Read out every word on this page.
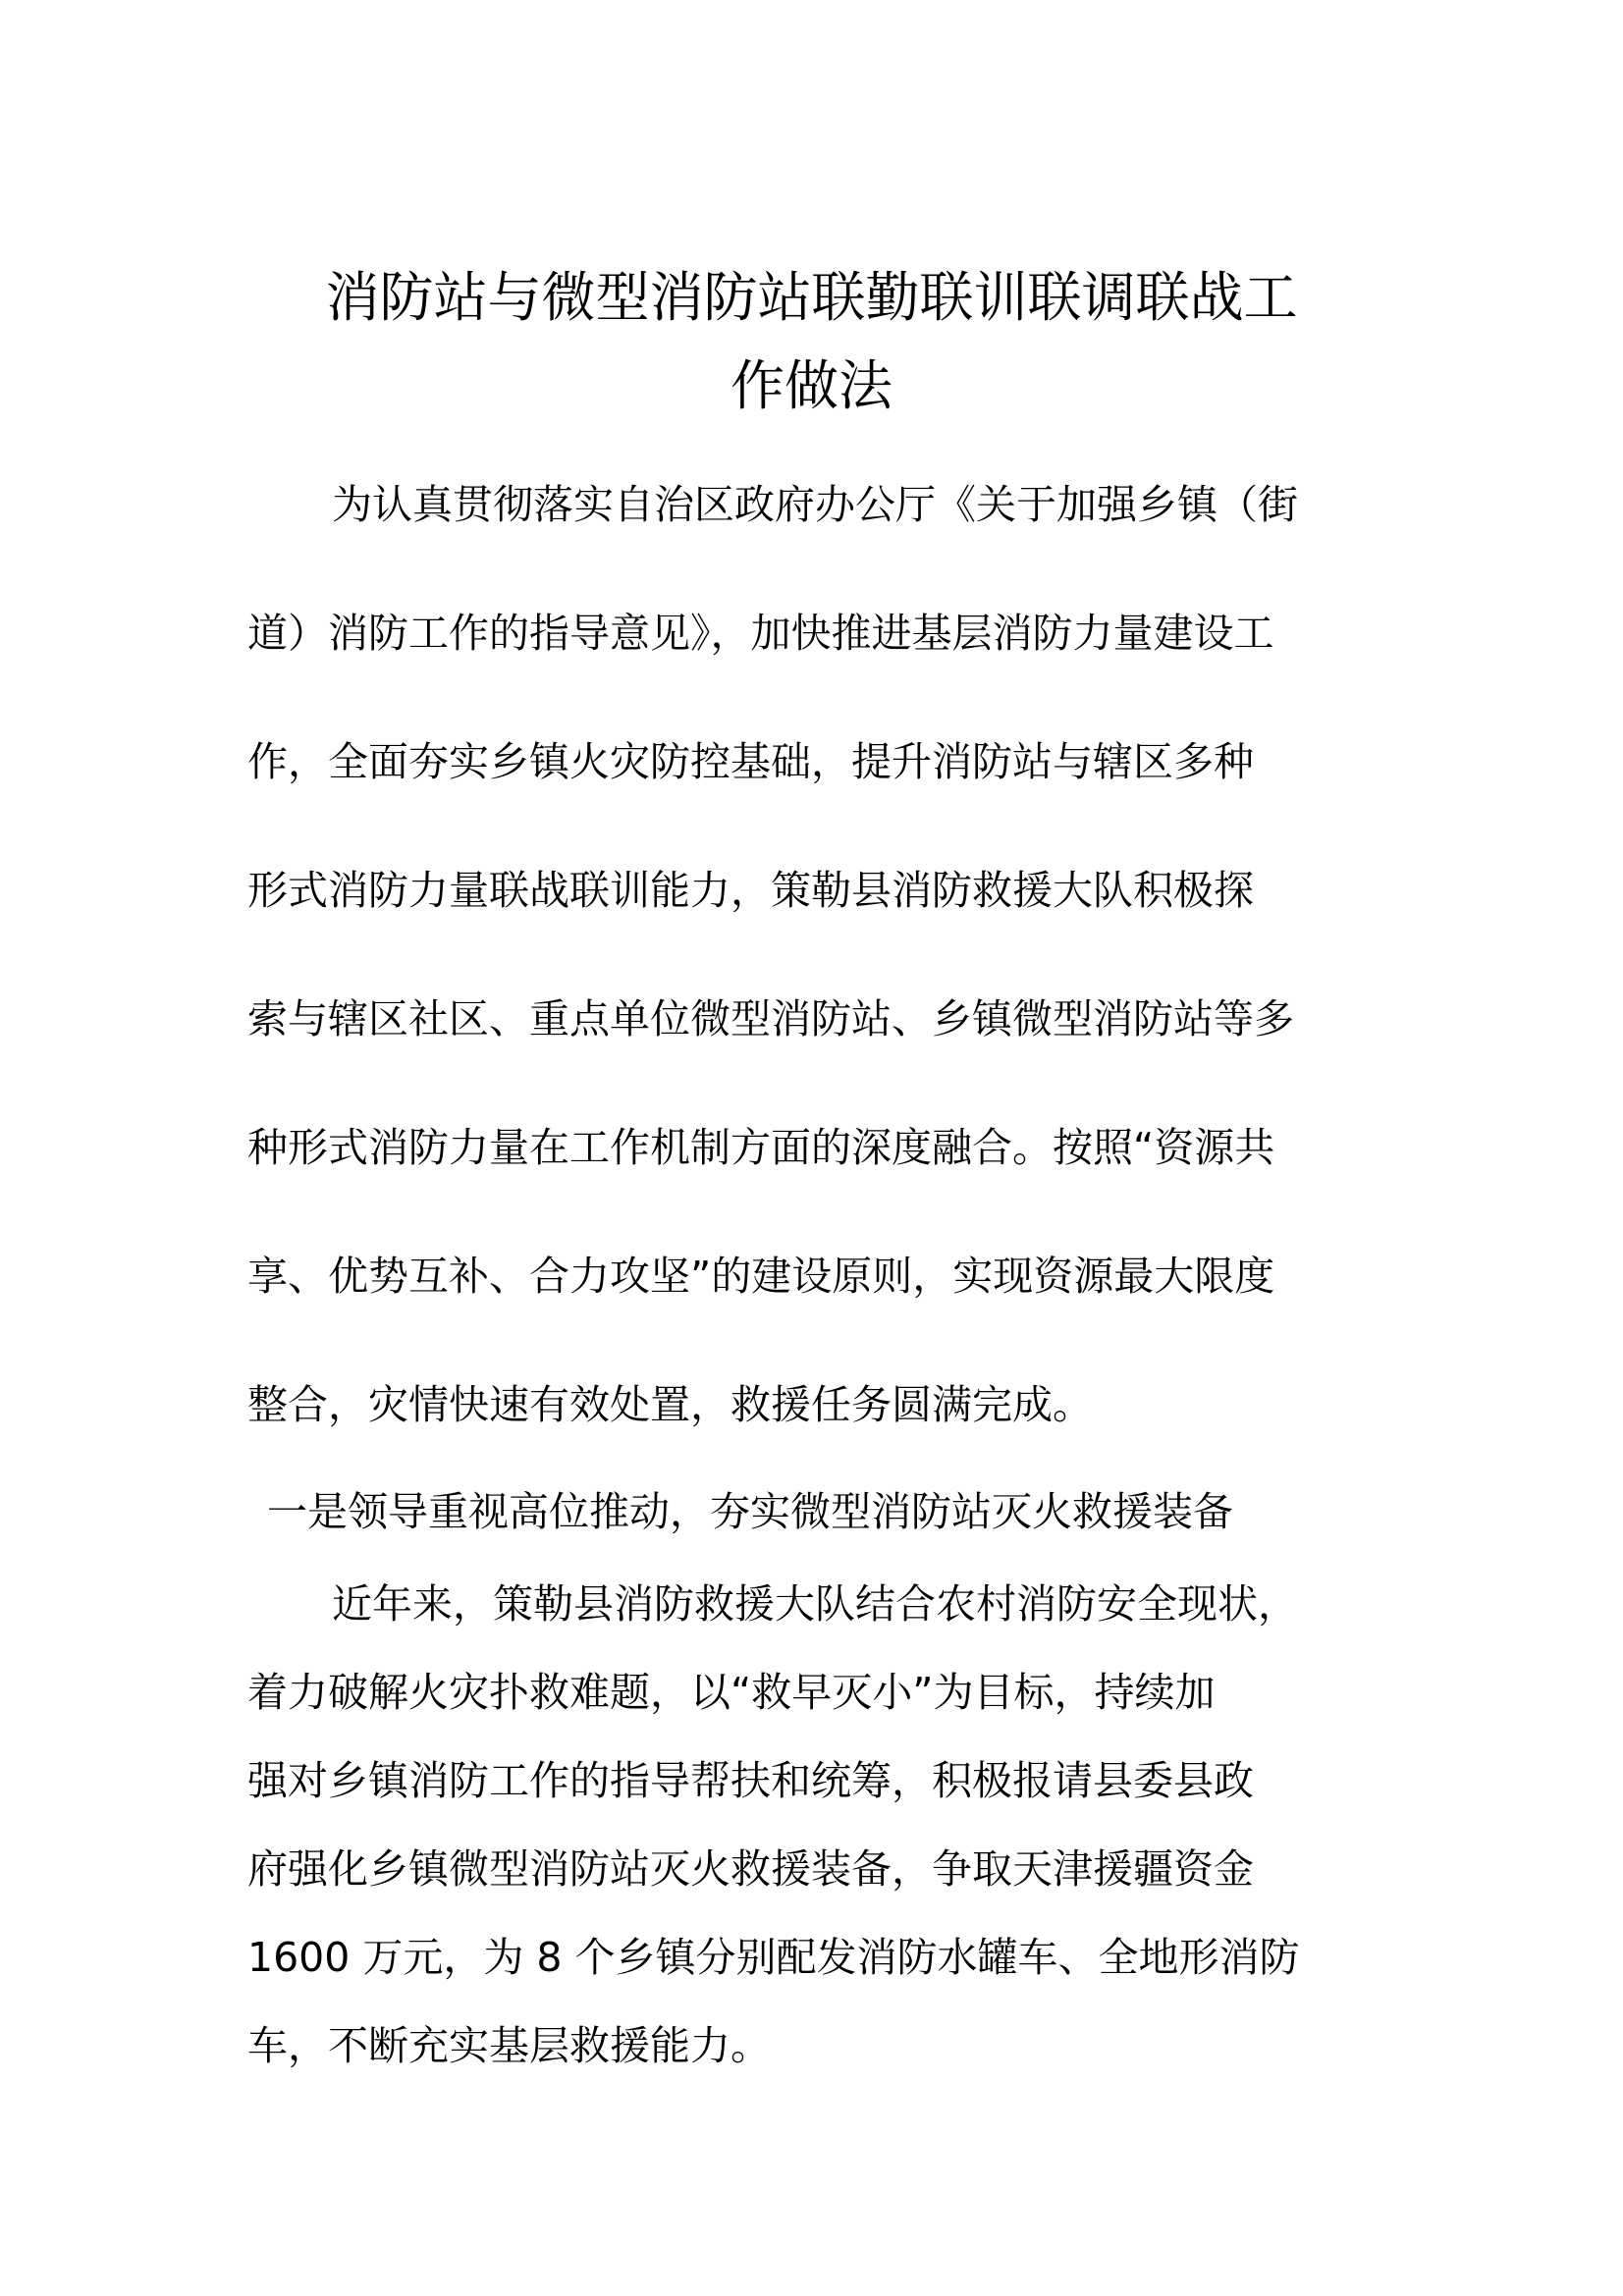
消防站与微型消防站联勤联训联调联战工
作做法
为认真贯彻落实自治区政府办公厅《关于加强乡镇（街
道）消防工作的指导意见》，加快推进基层消防力量建设工
作，全面夯实乡镇火灾防控基础，提升消防站与辖区多种
形式消防力量联战联训能力，策勒县消防救援大队积极探
索与辖区社区、重点单位微型消防站、乡镇微型消防站等多
种形式消防力量在工作机制方面的深度融合。按照“资源共
享、优势互补、合力攻坚”的建设原则，实现资源最大限度
整合，灾情快速有效处置，救援任务圆满完成。
一是领导重视高位推动，夯实微型消防站灭火救援装备
近年来，策勒县消防救援大队结合农村消防安全现状，
着力破解火灾扑救难题，以“救早灭小”为目标，持续加
强对乡镇消防工作的指导帮扶和统筹，积极报请县委县政
府强化乡镇微型消防站灭火救援装备，争取天津援疆资金
1600 万元，为 8 个乡镇分别配发消防水罐车、全地形消防
车，不断充实基层救援能力。
